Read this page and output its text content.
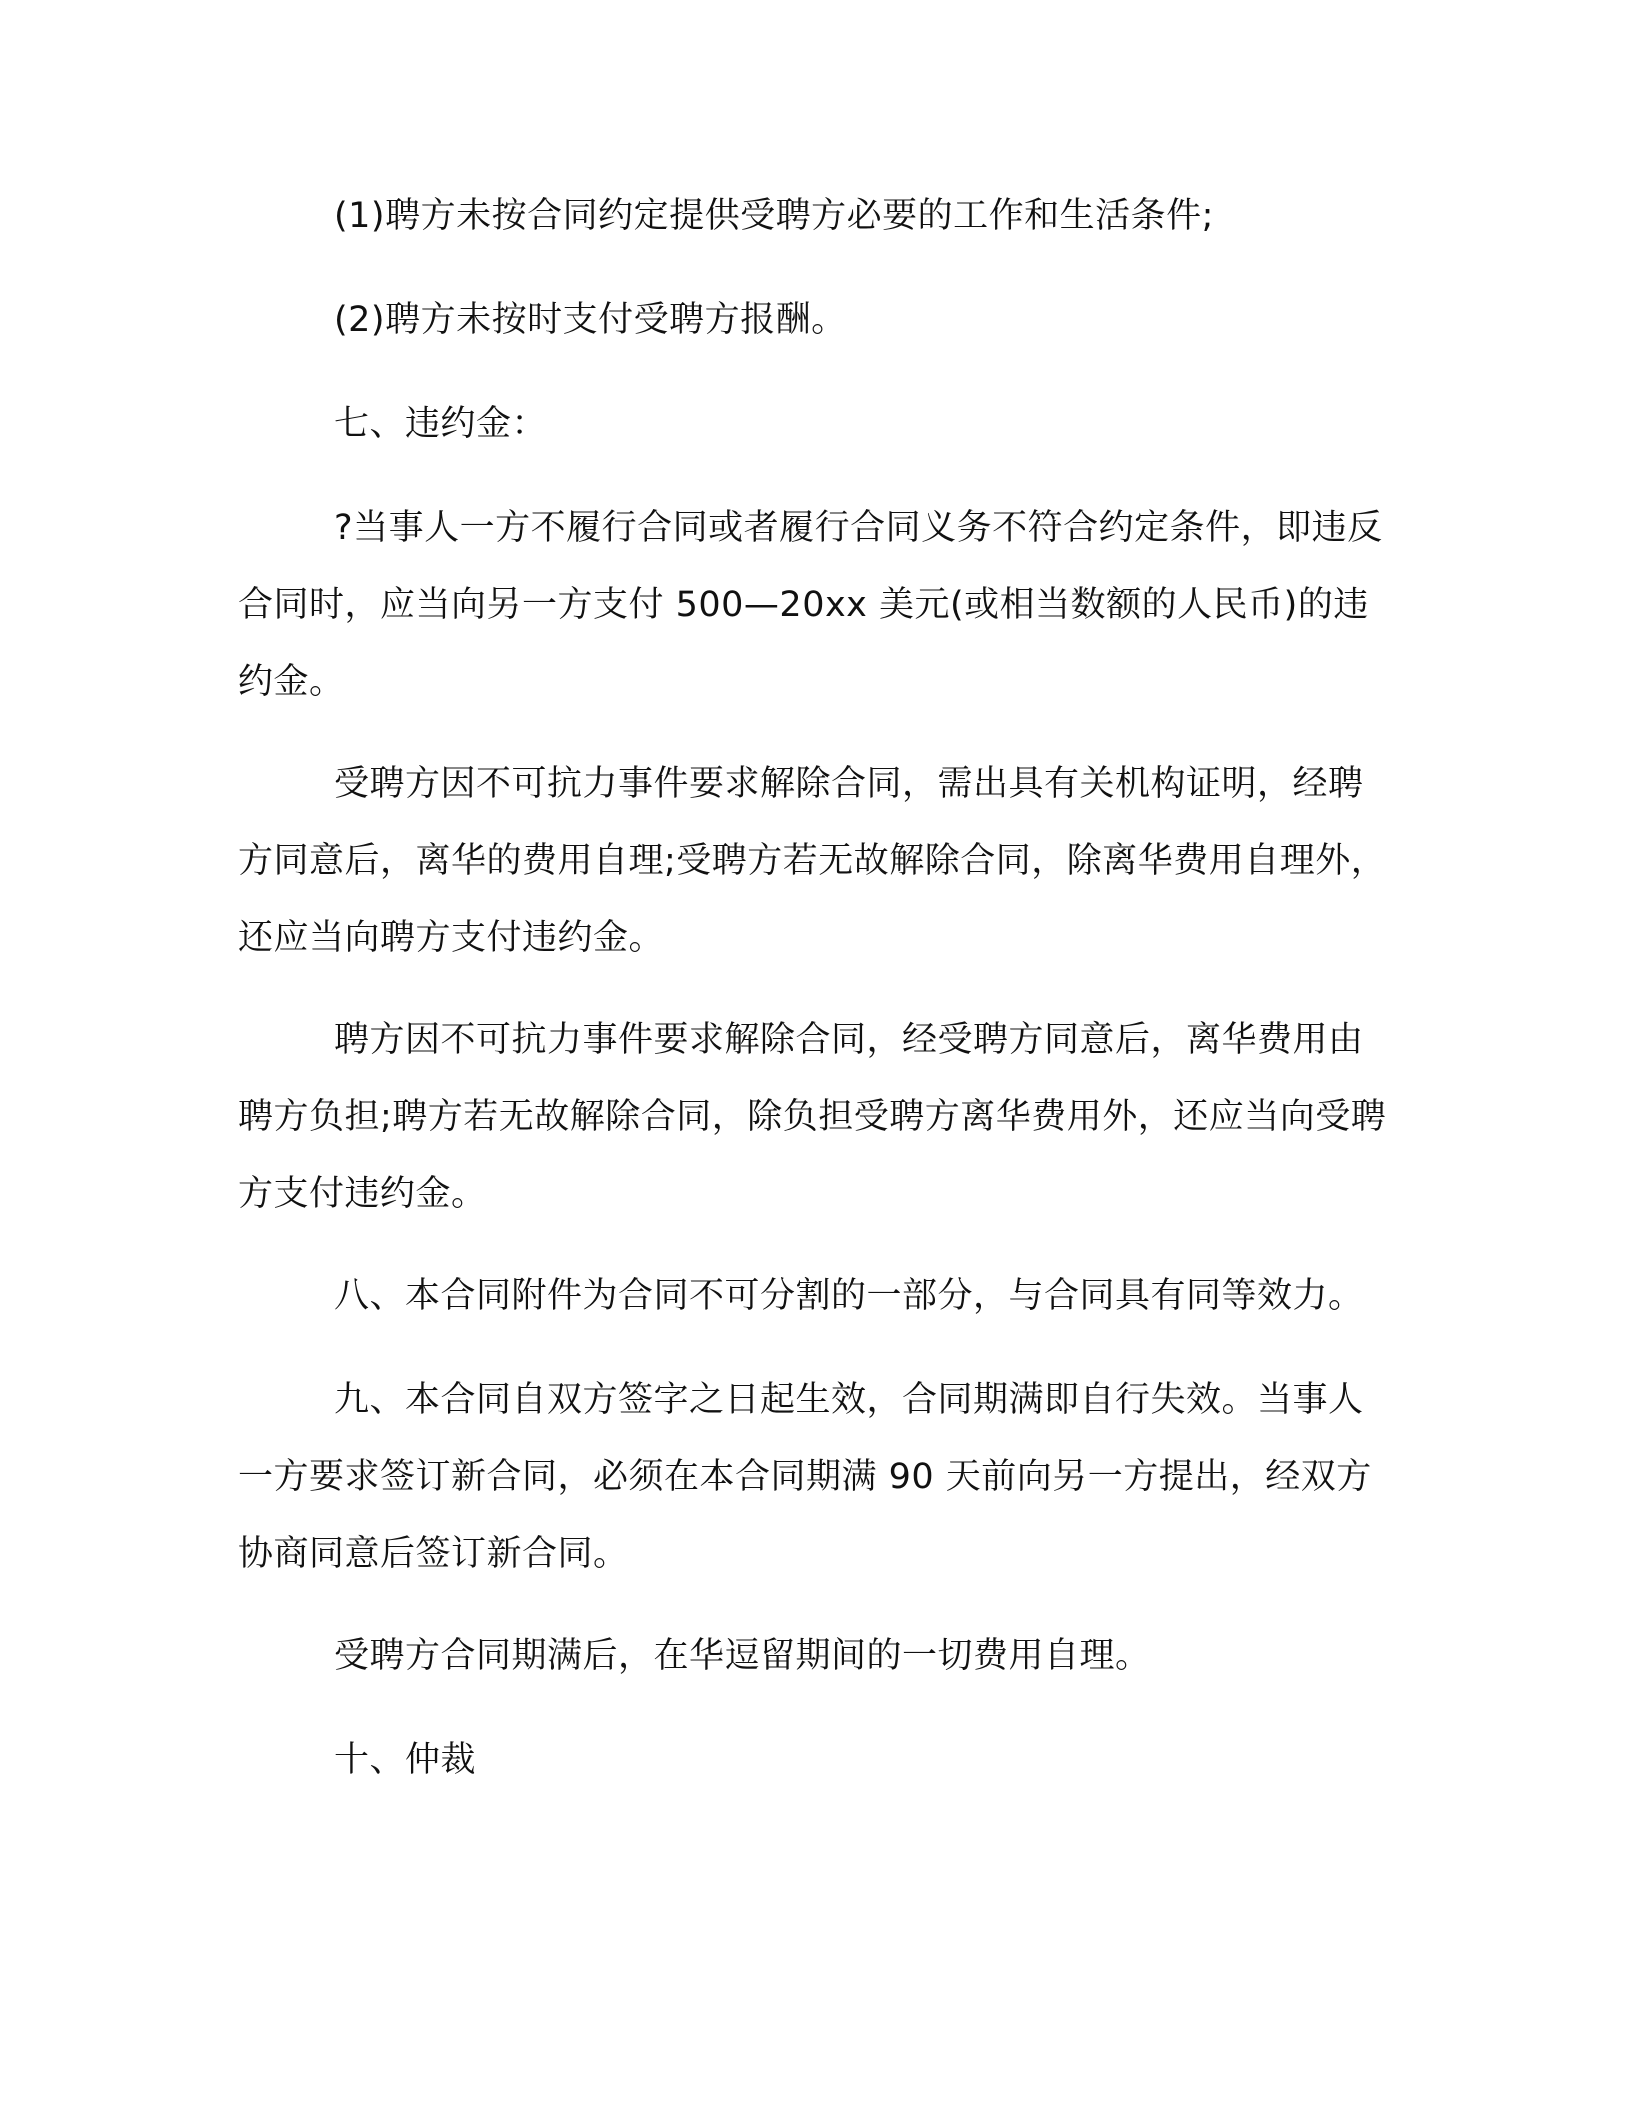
(1)聘方未按合同约定提供受聘方必要的工作和生活条件;

(2)聘方未按时支付受聘方报酬。

七、违约金：

?当事人一方不履行合同或者履行合同义务不符合约定条件，即违反合同时，应当向另一方支付 500—20xx 美元(或相当数额的人民币)的违约金。

受聘方因不可抗力事件要求解除合同，需出具有关机构证明，经聘方同意后，离华的费用自理;受聘方若无故解除合同，除离华费用自理外，还应当向聘方支付违约金。

聘方因不可抗力事件要求解除合同，经受聘方同意后，离华费用由聘方负担;聘方若无故解除合同，除负担受聘方离华费用外，还应当向受聘方支付违约金。

八、本合同附件为合同不可分割的一部分，与合同具有同等效力。

九、本合同自双方签字之日起生效，合同期满即自行失效。当事人一方要求签订新合同，必须在本合同期满 90 天前向另一方提出，经双方协商同意后签订新合同。

受聘方合同期满后，在华逗留期间的一切费用自理。

十、仲裁
